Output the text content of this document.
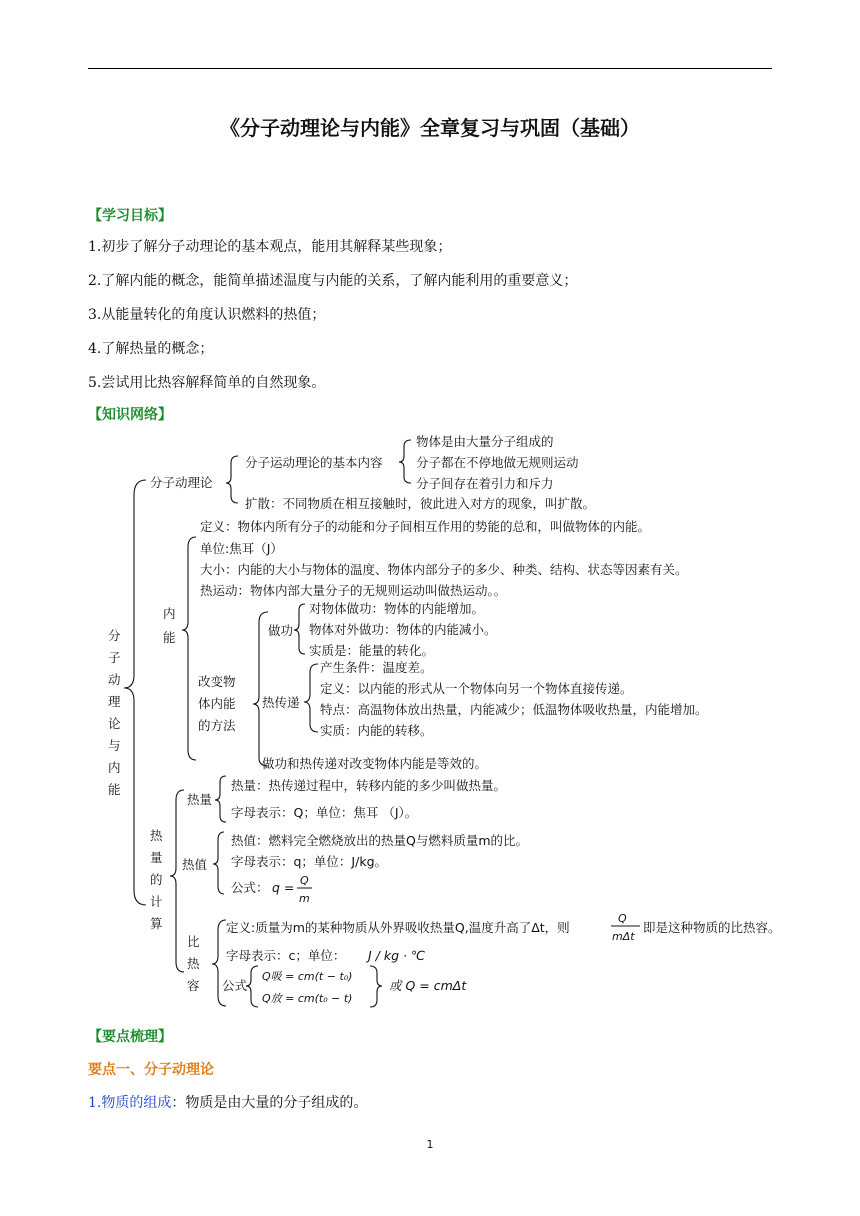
《分子动理论与内能》全章复习与巩固（基础）
【学习目标】
1.初步了解分子动理论的基本观点，能用其解释某些现象；
2.了解内能的概念，能简单描述温度与内能的关系，了解内能利用的重要意义；
3.从能量转化的角度认识燃料的热值；
4.了解热量的概念；
5.尝试用比热容解释简单的自然现象。
【知识网络】
分
子
动
理
论
与
内
能
分子动理论
分子运动理论的基本内容
物体是由大量分子组成的
分子都在不停地做无规则运动
分子间存在着引力和斥力
扩散：不同物质在相互接触时，彼此进入对方的现象，叫扩散。
内
能
定义：物体内所有分子的动能和分子间相互作用的势能的总和，叫做物体的内能。
单位:焦耳（J）
大小：内能的大小与物体的温度、物体内部分子的多少、种类、结构、状态等因素有关。
热运动：物体内部大量分子的无规则运动叫做热运动。。
改变物
体内能
的方法
做功
对物体做功：物体的内能增加。
物体对外做功：物体的内能减小。
实质是：能量的转化。
热传递
产生条件：温度差。
定义：以内能的形式从一个物体向另一个物体直接传递。
特点：高温物体放出热量，内能减少；低温物体吸收热量，内能增加。
实质：内能的转移。
做功和热传递对改变物体内能是等效的。
热
量
的
计
算
热量
热量：热传递过程中，转移内能的多少叫做热量。
字母表示：Q；单位：焦耳 （J）。
热值
热值：燃料完全燃烧放出的热量Q与燃料质量m的比。
字母表示：q；单位：J/kg。
公式： q = Q
m
比
热
容
定义:质量为m的某种物质从外界吸收热量Q,温度升高了Δt，则
Q
mΔt
即是这种物质的比热容。
字母表示：c；单位： J / kg · ℃
公式
Q吸 = cm(t − t₀)
Q放 = cm(t₀ − t)
或 Q = cmΔt
【要点梳理】
要点一、分子动理论
1.物质的组成：物质是由大量的分子组成的。
1
